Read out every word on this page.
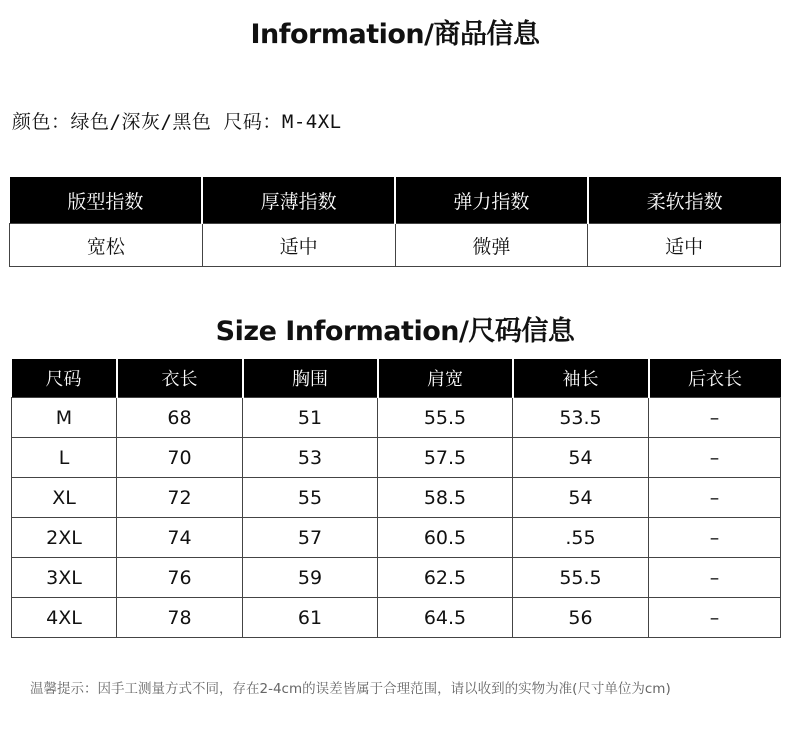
Information/商品信息
颜色：绿色/深灰/黑色 尺码：M-4XL
版型指数	厚薄指数	弹力指数	柔软指数
宽松	适中	微弹	适中
Size Information/尺码信息
尺码	衣长	胸围	肩宽	袖长	后衣长
M	68	51	55.5	53.5	–
L	70	53	57.5	54	–
XL	72	55	58.5	54	–
2XL	74	57	60.5	.55	–
3XL	76	59	62.5	55.5	–
4XL	78	61	64.5	56	–
温馨提示：因手工测量方式不同，存在2-4cm的误差皆属于合理范围，请以收到的实物为准(尺寸单位为cm)
